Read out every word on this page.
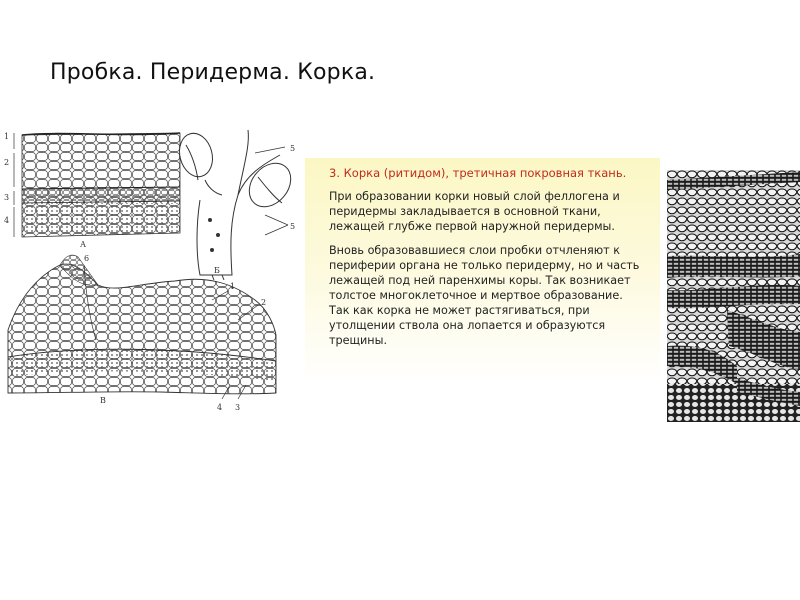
Пробка. Перидерма. Корка.
1
2
3
4
А
5
5
Б
6
1
2
3
4
В

3. Корка (ритидом), третичная покровная ткань.

При образовании корки новый слой феллогена и перидермы закладывается в основной ткани, лежащей глубже первой наружной перидермы.

Вновь образовавшиеся слои пробки отчленяют к периферии органа не только перидерму, но и часть лежащей под ней паренхимы коры. Так возникает толстое многоклеточное и мертвое образование. Так как корка не может растягиваться, при утолщении ствола она лопается и образуются трещины.
